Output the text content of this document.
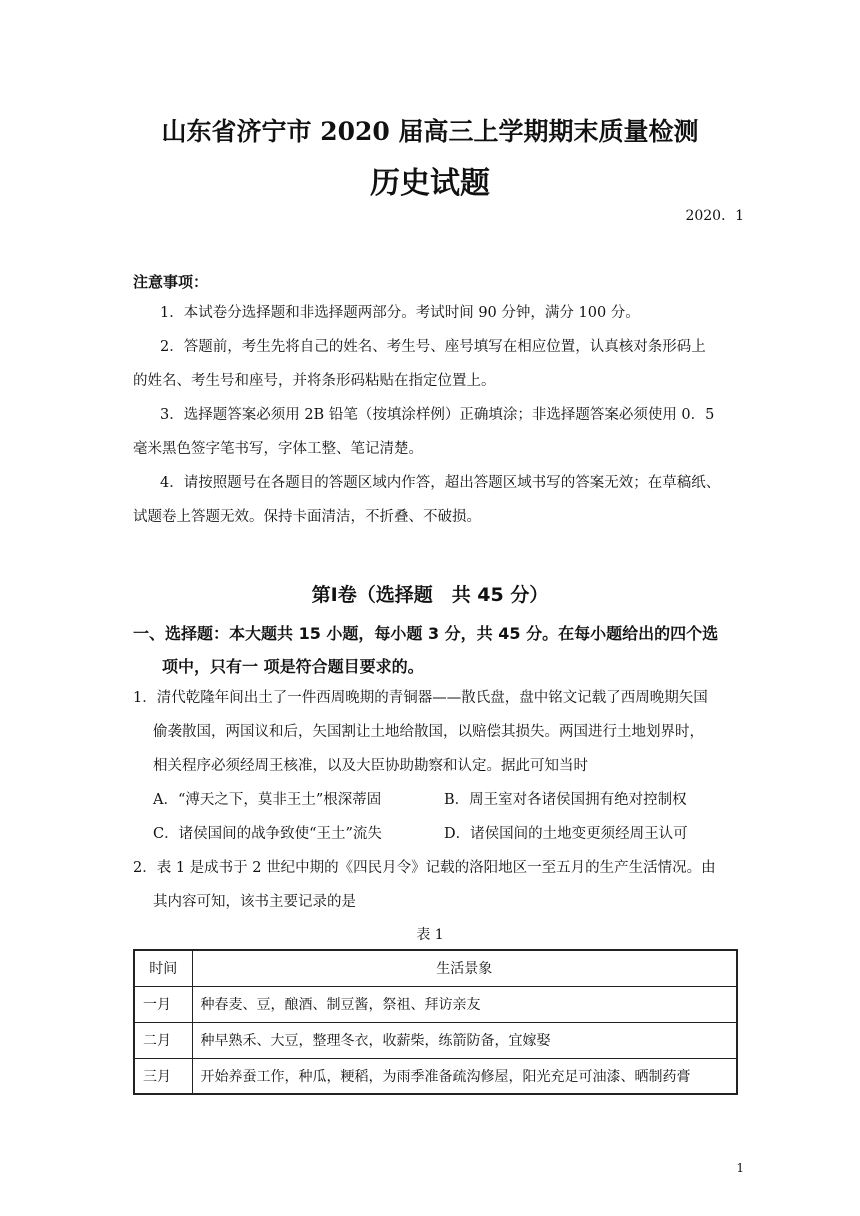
山东省济宁市 2020 届高三上学期期末质量检测
历史试题
2020．1
注意事项：
1．本试卷分选择题和非选择题两部分。考试时间 90 分钟，满分 100 分。
2．答题前，考生先将自己的姓名、考生号、座号填写在相应位置，认真核对条形码上
的姓名、考生号和座号，并将条形码粘贴在指定位置上。
3．选择题答案必须用 2B 铅笔（按填涂样例）正确填涂；非选择题答案必须使用 0．5
毫米黑色签字笔书写，字体工整、笔记清楚。
4．请按照题号在各题目的答题区域内作答，超出答题区域书写的答案无效；在草稿纸、
试题卷上答题无效。保持卡面清洁，不折叠、不破损。
第Ⅰ卷（选择题　共 45 分）
一、选择题：本大题共 15 小题，每小题 3 分，共 45 分。在每小题给出的四个选
项中，只有一 项是符合题目要求的。
1．清代乾隆年间出土了一件西周晚期的青铜器——散氏盘，盘中铭文记载了西周晚期矢国
偷袭散国，两国议和后，矢国割让土地给散国，以赔偿其损失。两国进行土地划界时，
相关程序必须经周王核准，以及大臣协助勘察和认定。据此可知当时
A．“溥天之下，莫非王土”根深蒂固	B．周王室对各诸侯国拥有绝对控制权
C．诸侯国间的战争致使“王土”流失	D．诸侯国间的土地变更须经周王认可
2．表 1 是成书于 2 世纪中期的《四民月令》记载的洛阳地区一至五月的生产生活情况。由
其内容可知，该书主要记录的是
表 1
时间	生活景象
一月	种春麦、豆，酿酒、制豆酱，祭祖、拜访亲友
二月	种早熟禾、大豆，整理冬衣，收薪柴，练箭防备，宜嫁娶
三月	开始养蚕工作，种瓜，粳稻，为雨季准备疏沟修屋，阳光充足可油漆、晒制药膏
1
